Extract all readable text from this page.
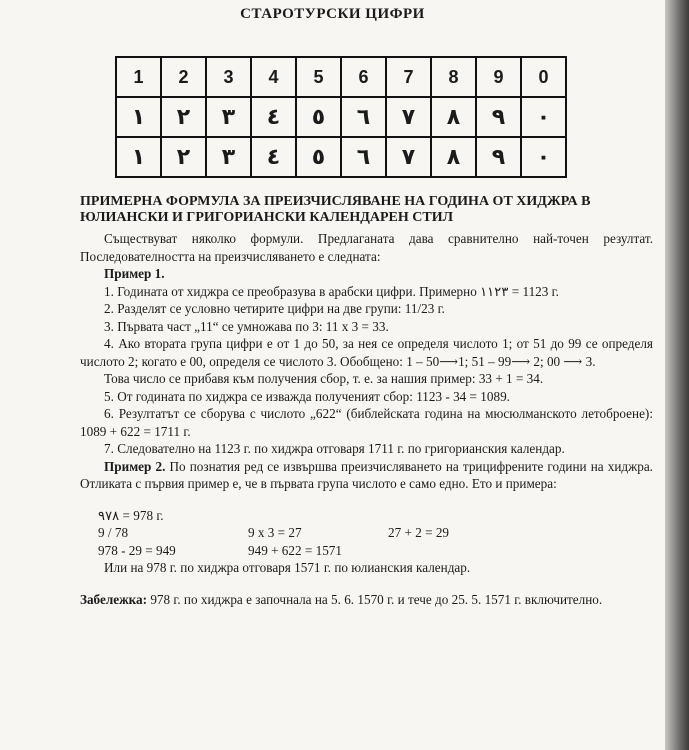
СТАРОТУРСКИ ЦИФРИ
1	2	3	4	5	6	7	8	9	0
١	٢	٣	٤	٥	٦	٧	٨	٩	٠
١	٢	٣	٤	٥	٦	٧	٨	٩	٠

ПРИМЕРНА ФОРМУЛА ЗА ПРЕИЗЧИСЛЯВАНЕ НА ГОДИНА ОТ ХИДЖРА В ЮЛИАНСКИ И ГРИГОРИАНСКИ КАЛЕНДАРЕН СТИЛ

Съществуват няколко формули. Предлаганата дава сравнително най-точен резултат. Последователността на преизчисляването е следната:

Пример 1.

1. Годината от хиджра се преобразува в арабски цифри. Примерно ١١٢٣ = 1123 г.

2. Разделят се условно четирите цифри на две групи: 11/23 г.

3. Първата част „11“ се умножава по 3: 11 х 3 = 33.

4. Ако втората група цифри е от 1 до 50, за нея се определя числото 1; от 51 до 99 се определя числото 2; когато е 00, определя се числото 3. Обобщено: 1 – 50⟶1; 51 – 99⟶ 2; 00 ⟶ 3.

Това число се прибавя към получения сбор, т. е. за нашия пример: 33 + 1 = 34.

5. От годината по хиджра се изважда полученият сбор: 1123 - 34 = 1089.

6. Резултатът се сборува с числото „622“ (библейската година на мюсюлманското летоброене): 1089 + 622 = 1711 г.

7. Следователно на 1123 г. по хиджра отговаря 1711 г. по григорианския календар.

Пример 2. По познатия ред се извършва преизчисляването на трицифрените години на хиджра. Отликата с първия пример е, че в първата група числото е само едно. Ето и примера:

٩٧٨ = 978 г.
9 / 78	9 х 3 = 27	27 + 2 = 29
978 - 29 = 949	949 + 622 = 1571

Или на 978 г. по хиджра отговаря 1571 г. по юлианския календар.

Забележка: 978 г. по хиджра е започнала на 5. 6. 1570 г. и тече до 25. 5. 1571 г. включително.
